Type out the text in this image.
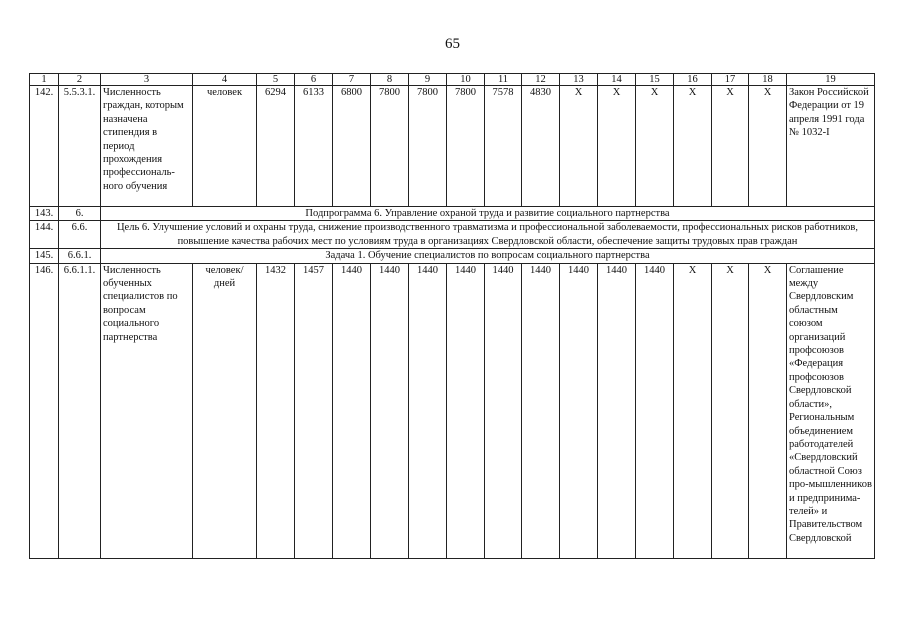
65
1	2	3	4	5	6	7	8	9	10	11	12	13	14	15	16	17	18	19
142.	5.5.3.1.	Численность граждан, которым назначена стипендия в период прохождения профессиональ-ного обучения	человек	6294	6133	6800	7800	7800	7800	7578	4830	X	X	X	X	X	X	Закон Российской Федерации от 19 апреля 1991 года № 1032-I
143.	6.	Подпрограмма 6. Управление охраной труда и развитие социального партнерства																
144.	6.6.	Цель 6. Улучшение условий и охраны труда, снижение производственного травматизма и профессиональной заболеваемости, профессиональных рисков работников, повышение качества рабочих мест по условиям труда в организациях Свердловской области, обеспечение защиты трудовых прав граждан																
145.	6.6.1.	Задача 1. Обучение специалистов по вопросам социального партнерства																
146.	6.6.1.1.	Численность обученных специалистов по вопросам социального партнерства	человек/ дней	1432	1457	1440	1440	1440	1440	1440	1440	1440	1440	1440	X	X	X	Соглашение между Свердловским областным союзом организаций профсоюзов «Федерация профсоюзов Свердловской области», Региональным объединением работодателей «Свердловский областной Союз про-мышленников и предпринима-телей» и Правительством Свердловской
